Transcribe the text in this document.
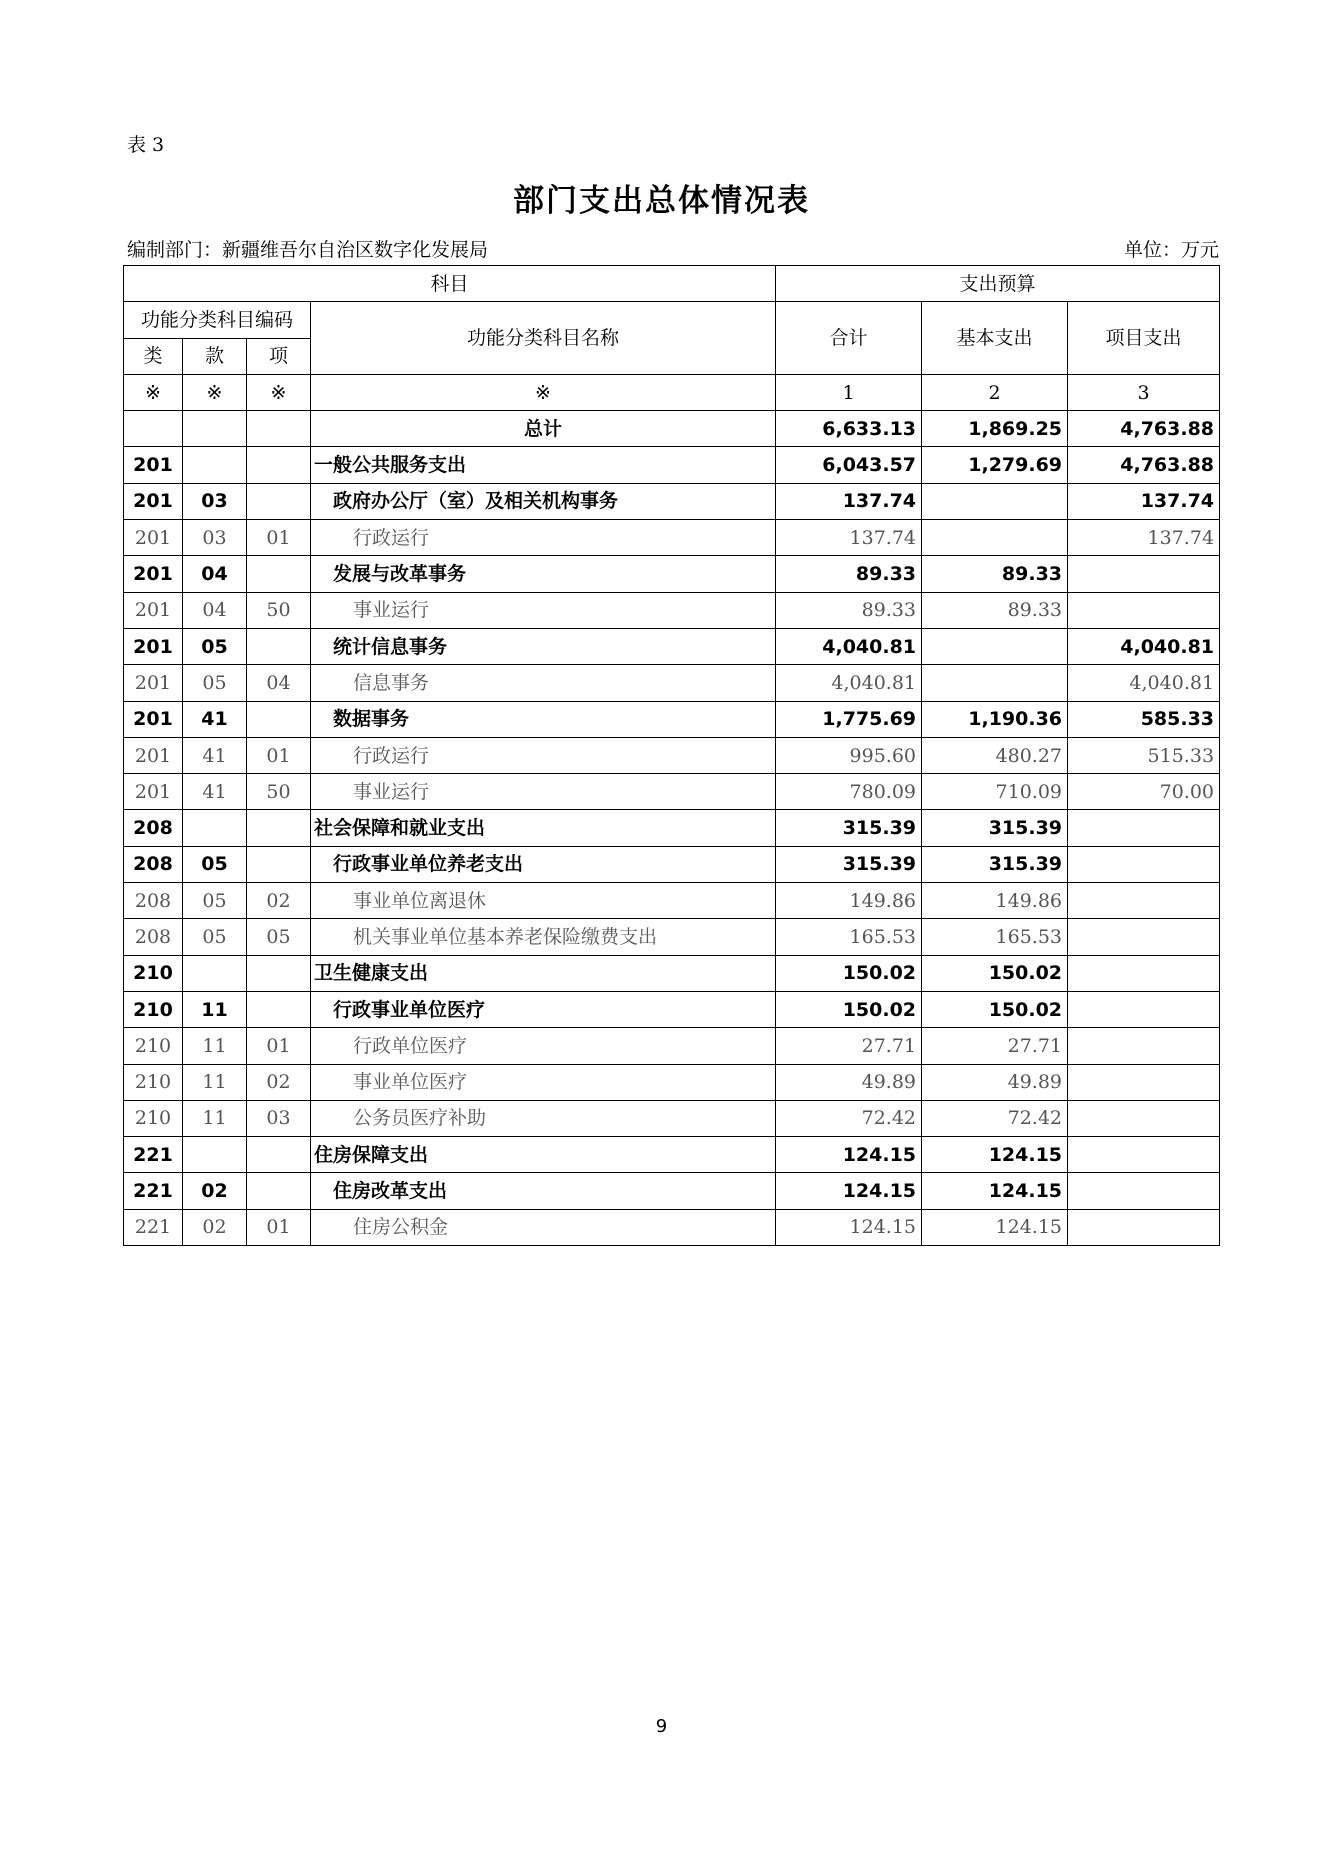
表 3
部门支出总体情况表
编制部门：新疆维吾尔自治区数字化发展局	单位：万元
科目				支出预算		
功能分类科目编码			功能分类科目名称	合计	基本支出	项目支出
类	款	项				
※	※	※	※	1	2	3
			总计	6,633.13	1,869.25	4,763.88
201			一般公共服务支出	6,043.57	1,279.69	4,763.88
201	03		政府办公厅（室）及相关机构事务	137.74		137.74
201	03	01	行政运行	137.74		137.74
201	04		发展与改革事务	89.33	89.33	
201	04	50	事业运行	89.33	89.33	
201	05		统计信息事务	4,040.81		4,040.81
201	05	04	信息事务	4,040.81		4,040.81
201	41		数据事务	1,775.69	1,190.36	585.33
201	41	01	行政运行	995.60	480.27	515.33
201	41	50	事业运行	780.09	710.09	70.00
208			社会保障和就业支出	315.39	315.39	
208	05		行政事业单位养老支出	315.39	315.39	
208	05	02	事业单位离退休	149.86	149.86	
208	05	05	机关事业单位基本养老保险缴费支出	165.53	165.53	
210			卫生健康支出	150.02	150.02	
210	11		行政事业单位医疗	150.02	150.02	
210	11	01	行政单位医疗	27.71	27.71	
210	11	02	事业单位医疗	49.89	49.89	
210	11	03	公务员医疗补助	72.42	72.42	
221			住房保障支出	124.15	124.15	
221	02		住房改革支出	124.15	124.15	
221	02	01	住房公积金	124.15	124.15	
9
